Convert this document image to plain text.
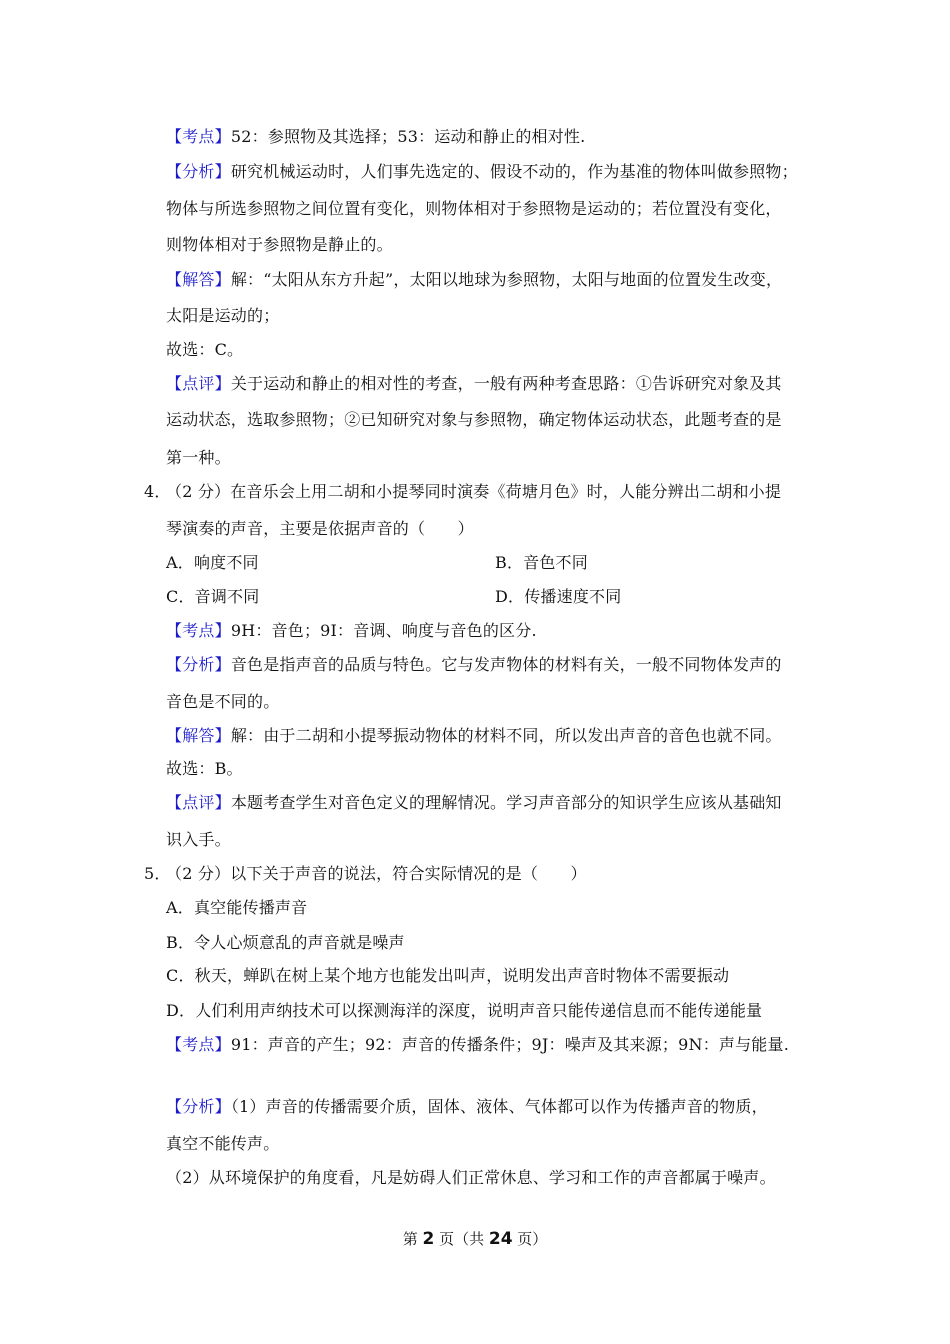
【考点】52：参照物及其选择；53：运动和静止的相对性.
【分析】研究机械运动时，人们事先选定的、假设不动的，作为基准的物体叫做参照物；
物体与所选参照物之间位置有变化，则物体相对于参照物是运动的；若位置没有变化，
则物体相对于参照物是静止的。
【解答】解：“太阳从东方升起”，太阳以地球为参照物，太阳与地面的位置发生改变，
太阳是运动的；
故选：C。
【点评】关于运动和静止的相对性的考查，一般有两种考查思路：①告诉研究对象及其
运动状态，选取参照物；②已知研究对象与参照物，确定物体运动状态，此题考查的是
第一种。
4．
（2 分）在音乐会上用二胡和小提琴同时演奏《荷塘月色》时，人能分辨出二胡和小提
琴演奏的声音，主要是依据声音的（　　）
A．响度不同	B．音色不同
C．音调不同	D．传播速度不同
【考点】9H：音色；9I：音调、响度与音色的区分.
【分析】音色是指声音的品质与特色。它与发声物体的材料有关，一般不同物体发声的
音色是不同的。
【解答】解：由于二胡和小提琴振动物体的材料不同，所以发出声音的音色也就不同。
故选：B。
【点评】本题考查学生对音色定义的理解情况。学习声音部分的知识学生应该从基础知
识入手。
5．
（2 分）以下关于声音的说法，符合实际情况的是（　　）
A．真空能传播声音
B．令人心烦意乱的声音就是噪声
C．秋天，蝉趴在树上某个地方也能发出叫声，说明发出声音时物体不需要振动
D．人们利用声纳技术可以探测海洋的深度，说明声音只能传递信息而不能传递能量
【考点】91：声音的产生；92：声音的传播条件；9J：噪声及其来源；9N：声与能量.
【分析】（1）声音的传播需要介质，固体、液体、气体都可以作为传播声音的物质，
真空不能传声。
（2）从环境保护的角度看，凡是妨碍人们正常休息、学习和工作的声音都属于噪声。
第 2 页（共 24 页）
